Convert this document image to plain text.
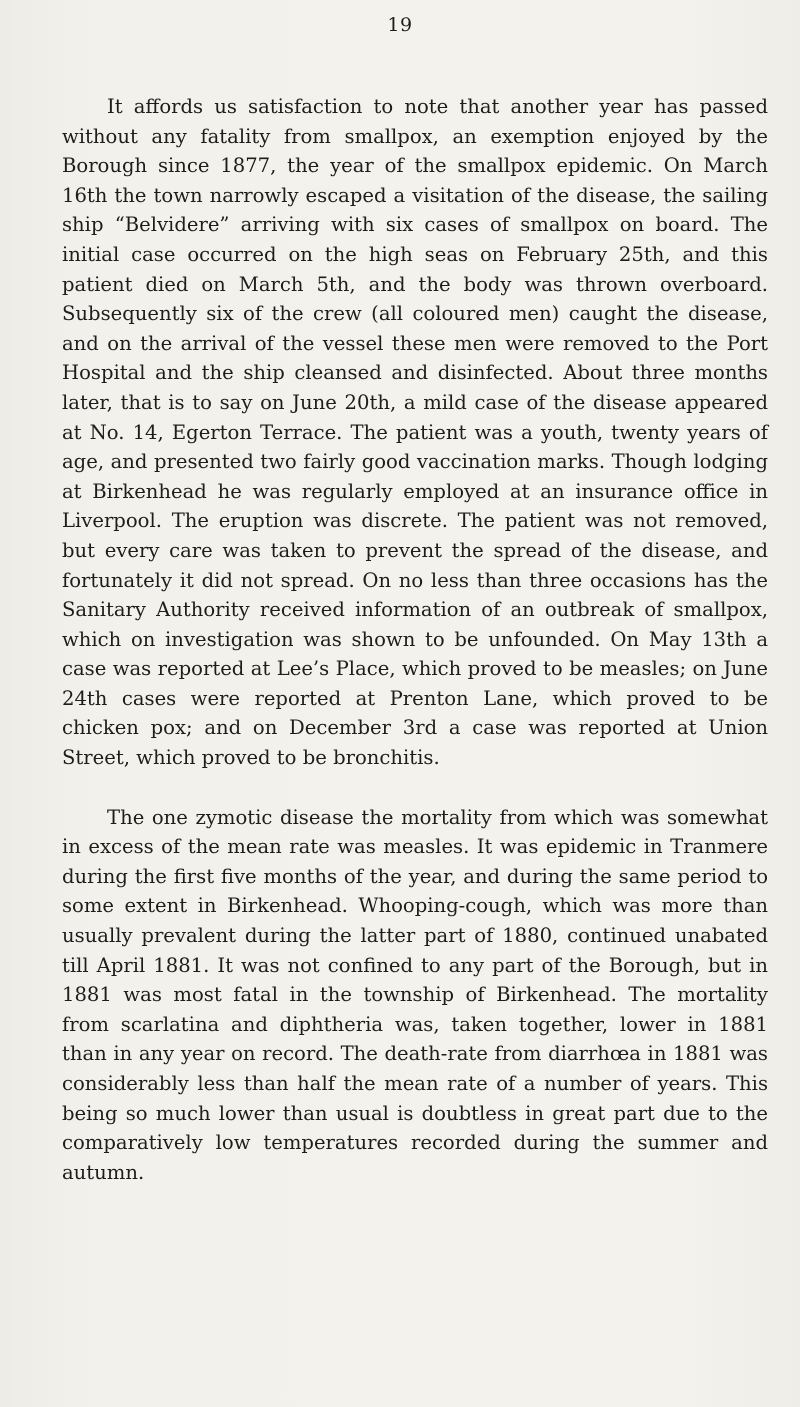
19

It affords us satisfaction to note that another year has passed without any fatality from smallpox, an exemption enjoyed by the Borough since 1877, the year of the smallpox epidemic. On March 16th the town narrowly escaped a visitation of the disease, the sailing ship “Belvidere” arriving with six cases of smallpox on board. The initial case occurred on the high seas on February 25th, and this patient died on March 5th, and the body was thrown overboard. Subsequently six of the crew (all coloured men) caught the disease, and on the arrival of the vessel these men were removed to the Port Hospital and the ship cleansed and disinfected. About three months later, that is to say on June 20th, a mild case of the disease appeared at No. 14, Egerton Terrace. The patient was a youth, twenty years of age, and presented two fairly good vaccination marks. Though lodging at Birkenhead he was regularly employed at an insurance office in Liverpool. The eruption was discrete. The patient was not removed, but every care was taken to prevent the spread of the disease, and fortunately it did not spread. On no less than three occasions has the Sanitary Authority received information of an outbreak of smallpox, which on investigation was shown to be unfounded. On May 13th a case was reported at Lee’s Place, which proved to be measles; on June 24th cases were reported at Prenton Lane, which proved to be chicken pox; and on December 3rd a case was reported at Union Street, which proved to be bronchitis.

The one zymotic disease the mortality from which was somewhat in excess of the mean rate was measles. It was epidemic in Tranmere during the first five months of the year, and during the same period to some extent in Birkenhead. Whooping-cough, which was more than usually prevalent during the latter part of 1880, continued unabated till April 1881. It was not confined to any part of the Borough, but in 1881 was most fatal in the township of Birkenhead. The mortality from scarlatina and diphtheria was, taken together, lower in 1881 than in any year on record. The death-rate from diarrhœa in 1881 was considerably less than half the mean rate of a number of years. This being so much lower than usual is doubtless in great part due to the comparatively low temperatures recorded during the summer and autumn.
